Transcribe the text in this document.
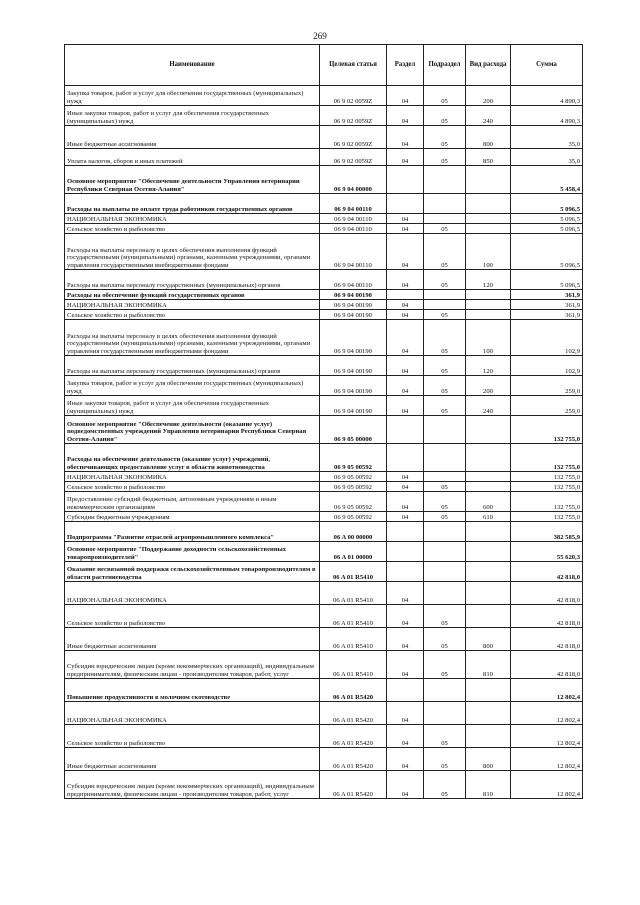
269
Наименование	Целевая статья	Раздел	Подраздел	Вид расхода	Сумма
Закупка товаров, работ и услуг для обеспечения государственных (муниципальных) нужд	06 9 02 0059Z	04	05	200	4 890,3
Иные закупки товаров, работ и услуг для обеспечения государственных (муниципальных) нужд	06 9 02 0059Z	04	05	240	4 890,3
Иные бюджетные ассигнования	06 9 02 0059Z	04	05	800	35,0
Уплата налогов, сборов и иных платежей	06 9 02 0059Z	04	05	850	35,0
Основное мероприятие "Обеспечение деятельности Управления ветеринарии Республики Северная Осетия-Алания"	06 9 04 00000				5 458,4
Расходы на выплаты по оплате труда работников государственных органов	06 9 04 00110				5 096,5
НАЦИОНАЛЬНАЯ ЭКОНОМИКА	06 9 04 00110	04			5 096,5
Сельское хозяйство и рыболовство	06 9 04 00110	04	05		5 096,5
Расходы на выплаты персоналу в целях обеспечения выполнения функций государственными (муниципальными) органами, казенными учреждениями, органами управления государственными внебюджетными фондами	06 9 04 00110	04	05	100	5 096,5
Расходы на выплаты персоналу государственных (муниципальных) органов	06 9 04 00110	04	05	120	5 096,5
Расходы на обеспечение функций государственных органов	06 9 04 00190				361,9
НАЦИОНАЛЬНАЯ ЭКОНОМИКА	06 9 04 00190	04			361,9
Сельское хозяйство и рыболовство	06 9 04 00190	04	05		361,9
Расходы на выплаты персоналу в целях обеспечения выполнения функций государственными (муниципальными) органами, казенными учреждениями, органами управления государственными внебюджетными фондами	06 9 04 00190	04	05	100	102,9
Расходы на выплаты персоналу государственных (муниципальных) органов	06 9 04 00190	04	05	120	102,9
Закупка товаров, работ и услуг для обеспечения государственных (муниципальных) нужд	06 9 04 00190	04	05	200	259,0
Иные закупки товаров, работ и услуг для обеспечения государственных (муниципальных) нужд	06 9 04 00190	04	05	240	259,0
Основное мероприятие "Обеспечение деятельности (оказание услуг) подведомственных учреждений Управления ветеринарии Республики Северная Осетия-Алания"	06 9 05 00000				132 755,0
Расходы на обеспечение деятельности (оказание услуг) учреждений, обеспечивающих предоставление услуг в области животноводства	06 9 05 00592				132 755,0
НАЦИОНАЛЬНАЯ ЭКОНОМИКА	06 9 05 00592	04			132 755,0
Сельское хозяйство и рыболовство	06 9 05 00592	04	05		132 755,0
Предоставление субсидий бюджетным, автономным учреждениям и иным некоммерческим организациям	06 9 05 00592	04	05	600	132 755,0
Субсидии бюджетным учреждениям	06 9 05 00592	04	05	610	132 755,0
Подпрограмма "Развитие отраслей агропромышленного комплекса"	06 A 00 00000				382 585,9
Основное мероприятие "Поддержание доходности сельскохозяйственных товаропроизводителей"	06 A 01 00000				55 620,3
Оказание несвязанной поддержки сельскохозяйственным товаропроизводителям в области растениеводства	06 A 01 R5410				42 818,0
НАЦИОНАЛЬНАЯ ЭКОНОМИКА	06 A 01 R5410	04			42 818,0
Сельское хозяйство и рыболовство	06 A 01 R5410	04	05		42 818,0
Иные бюджетные ассигнования	06 A 01 R5410	04	05	800	42 818,0
Субсидии юридическим лицам (кроме некоммерческих организаций), индивидуальным предпринимателям, физическим лицам - производителям товаров, работ, услуг	06 A 01 R5410	04	05	810	42 818,0
Повышение продуктивности в молочном скотоводстве	06 A 01 R5420				12 802,4
НАЦИОНАЛЬНАЯ ЭКОНОМИКА	06 A 01 R5420	04			12 802,4
Сельское хозяйство и рыболовство	06 A 01 R5420	04	05		12 802,4
Иные бюджетные ассигнования	06 A 01 R5420	04	05	800	12 802,4
Субсидии юридическим лицам (кроме некоммерческих организаций), индивидуальным предпринимателям, физическим лицам - производителям товаров, работ, услуг	06 A 01 R5420	04	05	810	12 802,4
